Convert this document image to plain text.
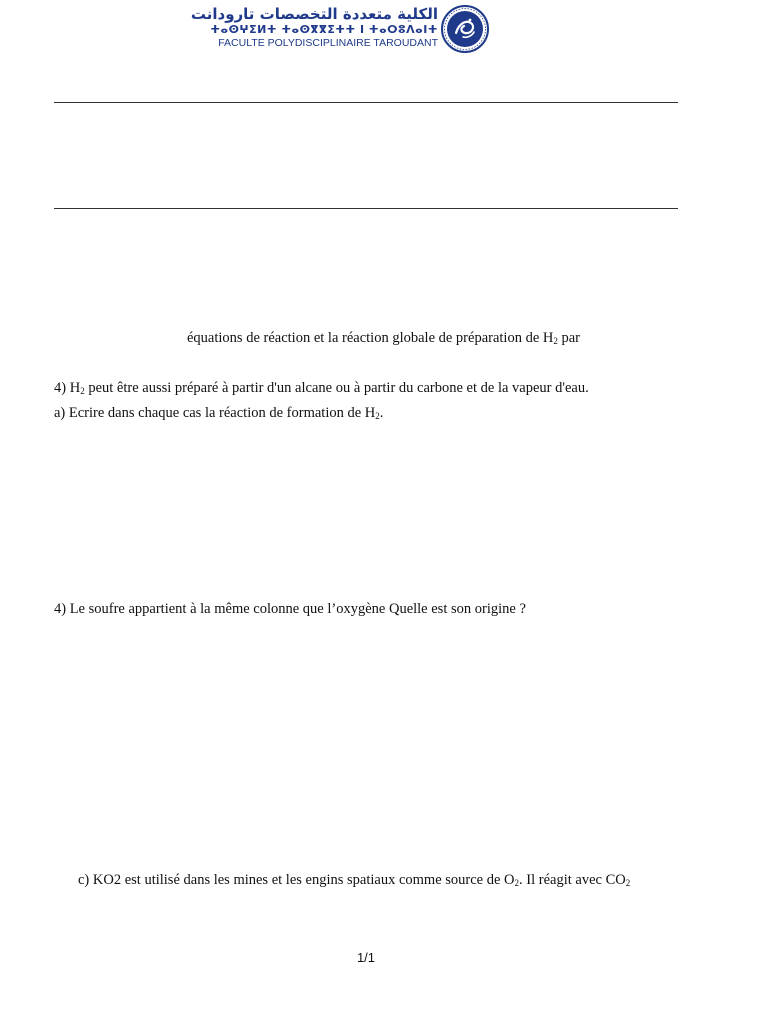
الكلية متعددة التخصصات تارودانت
ⵜⴰⵙⵖⵉⵍⵜ ⵜⴰⵙⴳⴳⵉⵜⵜ ⵏ ⵜⴰⵔⵓⴷⴰⵏⵜ
FACULTE POLYDISCIPLINAIRE TAROUDANT
équations de réaction et la réaction globale de préparation de $H_2$ par
4) $H_2$ peut être aussi préparé à partir d'un alcane ou à partir du carbone et de la vapeur d'eau.
a) Ecrire dans chaque cas la réaction de formation de $H_2$.
4) Le soufre appartient à la même colonne que l’oxygène Quelle est son origine ?
c) KO2 est utilisé dans les mines et les engins spatiaux comme source de $O_2$. Il réagit avec $CO_2$
1/1
